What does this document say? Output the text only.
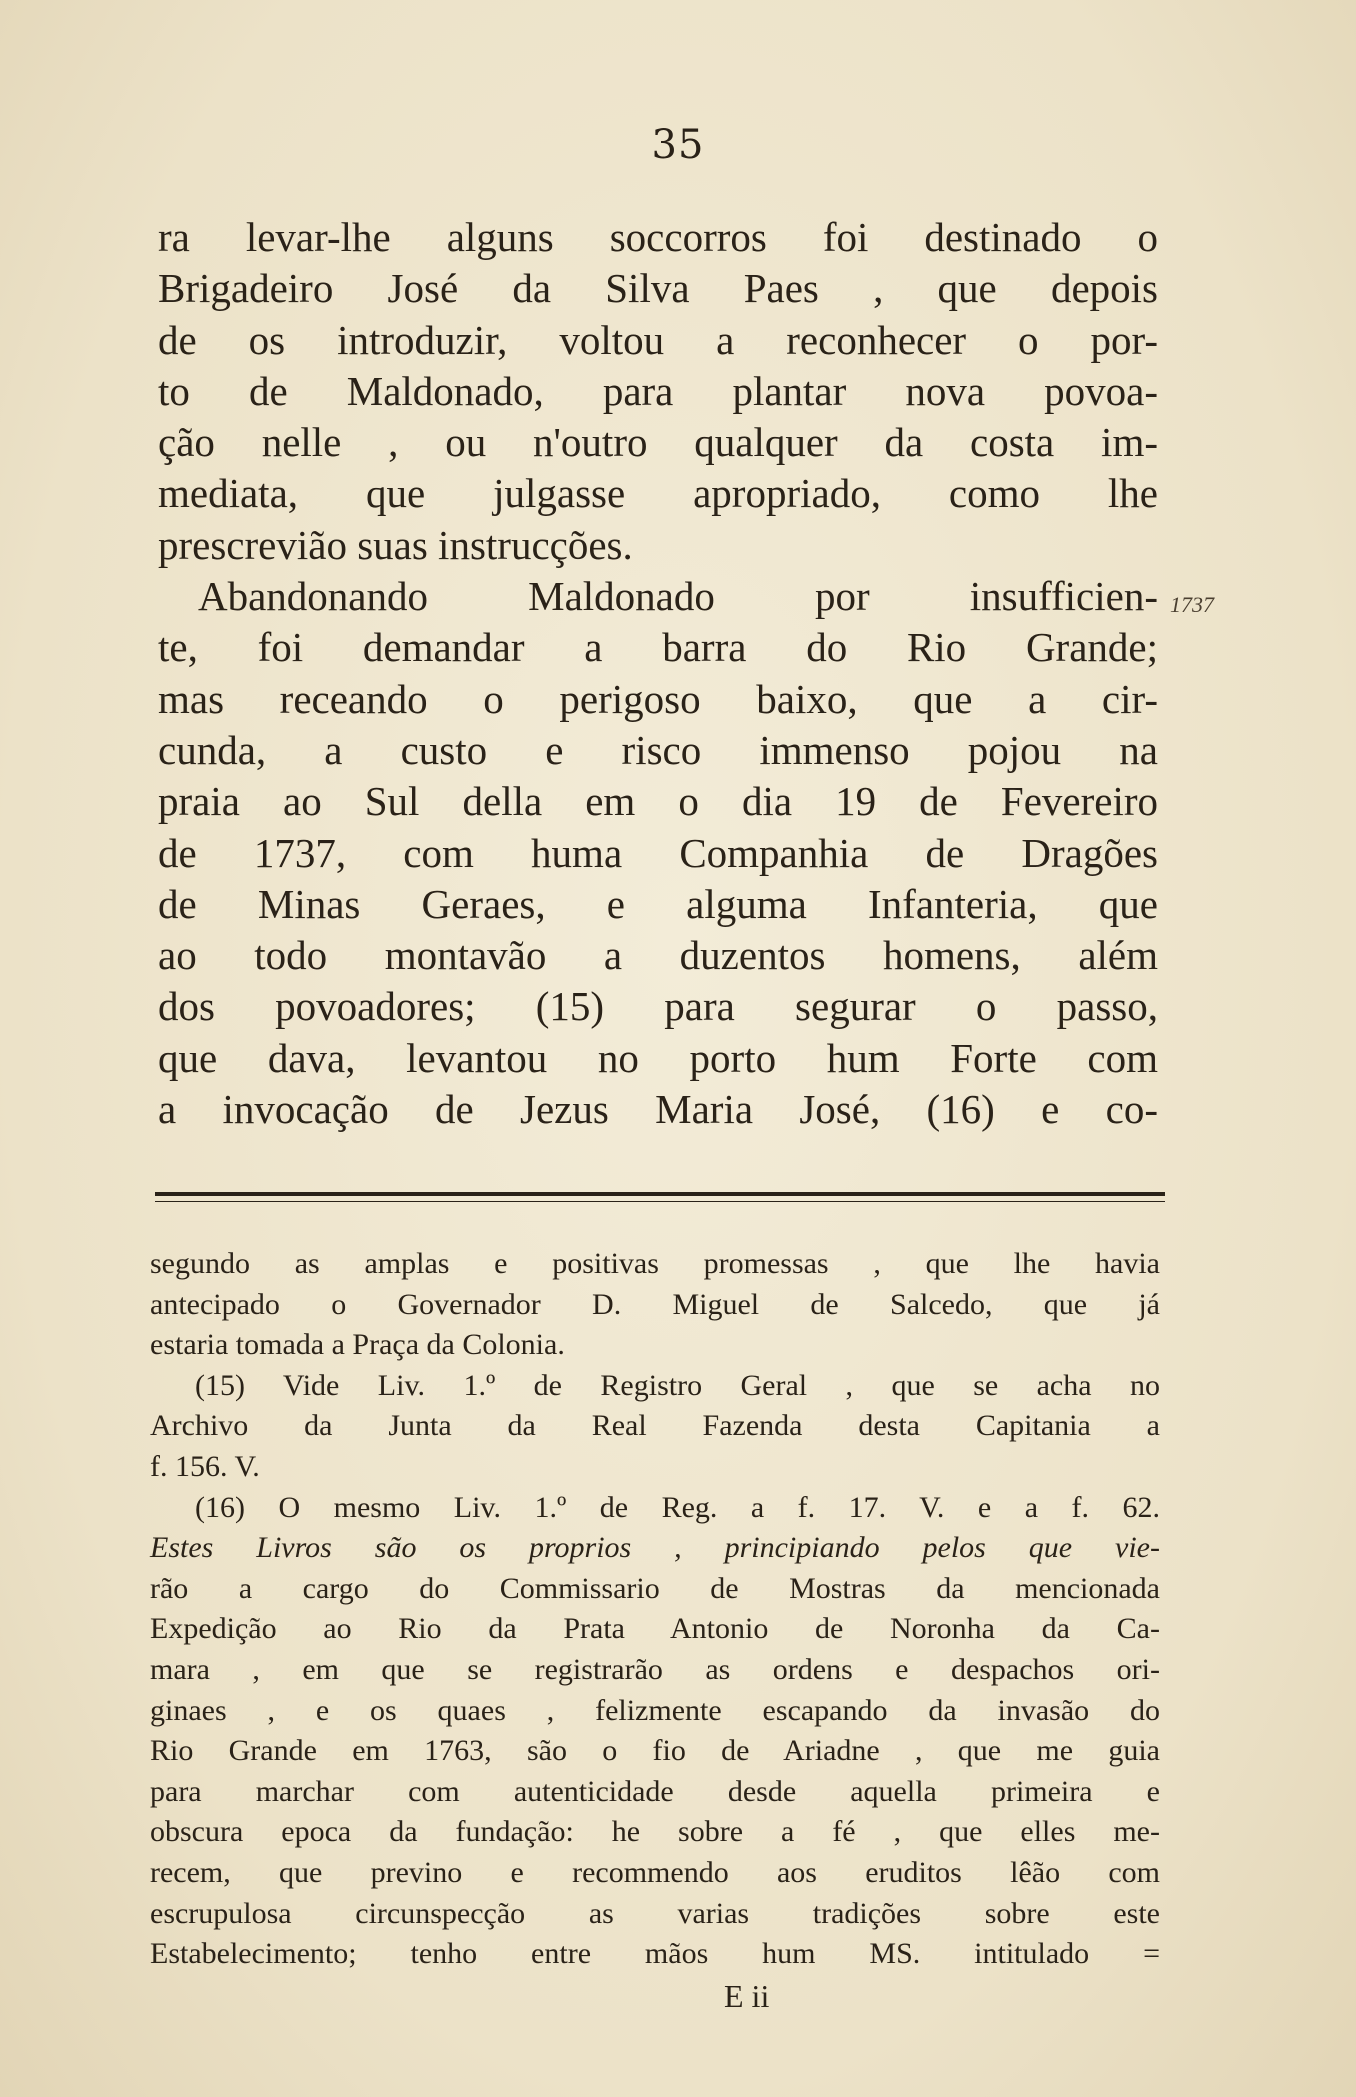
35
ra levar-lhe alguns soccorros foi destinado o
Brigadeiro José da Silva Paes , que depois
de os introduzir, voltou a reconhecer o por-
to de Maldonado, para plantar nova povoa-
ção nelle , ou n'outro qualquer da costa im-
mediata, que julgasse apropriado, como lhe
prescrevião suas instrucções.
Abandonando Maldonado por insufficien-
te, foi demandar a barra do Rio Grande;
mas receando o perigoso baixo, que a cir-
cunda, a custo e risco immenso pojou na
praia ao Sul della em o dia 19 de Fevereiro
de 1737, com huma Companhia de Dragões
de Minas Geraes, e alguma Infanteria, que
ao todo montavão a duzentos homens, além
dos povoadores; (15) para segurar o passo,
que dava, levantou no porto hum Forte com
a invocação de Jezus Maria José, (16) e co-
1737
segundo as amplas e positivas promessas , que lhe havia
antecipado o Governador D. Miguel de Salcedo, que já
estaria tomada a Praça da Colonia.
(15) Vide Liv. 1.º de Registro Geral , que se acha no
Archivo da Junta da Real Fazenda desta Capitania a
f. 156. V.
(16) O mesmo Liv. 1.º de Reg. a f. 17. V. e a f. 62.
Estes Livros são os proprios , principiando pelos que vie-
rão a cargo do Commissario de Mostras da mencionada
Expedição ao Rio da Prata Antonio de Noronha da Ca-
mara , em que se registrarão as ordens e despachos ori-
ginaes , e os quaes , felizmente escapando da invasão do
Rio Grande em 1763, são o fio de Ariadne , que me guia
para marchar com autenticidade desde aquella primeira e
obscura epoca da fundação: he sobre a fé , que elles me-
recem, que previno e recommendo aos eruditos lêão com
escrupulosa circunspecção as varias tradições sobre este
Estabelecimento; tenho entre mãos hum MS. intitulado =
E ii
